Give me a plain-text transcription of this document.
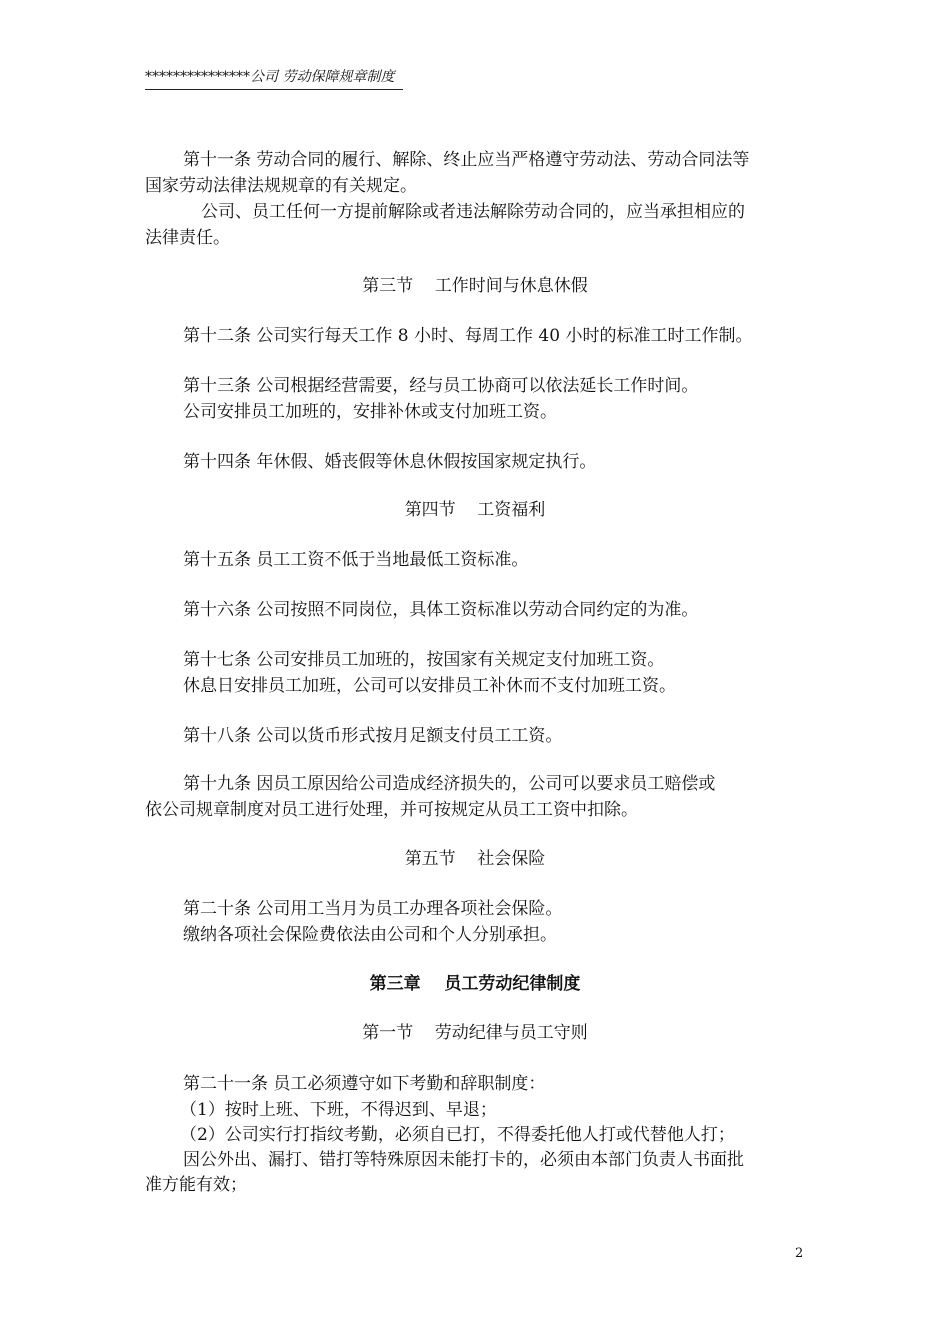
***************公司 劳动保障规章制度
第十一条 劳动合同的履行、解除、终止应当严格遵守劳动法、劳动合同法等
国家劳动法律法规规章的有关规定。
公司、员工任何一方提前解除或者违法解除劳动合同的，应当承担相应的
法律责任。
第三节    工作时间与休息休假
第十二条 公司实行每天工作 8 小时、每周工作 40 小时的标准工时工作制。
第十三条 公司根据经营需要，经与员工协商可以依法延长工作时间。
公司安排员工加班的，安排补休或支付加班工资。
第十四条 年休假、婚丧假等休息休假按国家规定执行。
第四节    工资福利
第十五条 员工工资不低于当地最低工资标准。
第十六条 公司按照不同岗位，具体工资标准以劳动合同约定的为准。
第十七条 公司安排员工加班的，按国家有关规定支付加班工资。
休息日安排员工加班，公司可以安排员工补休而不支付加班工资。
第十八条 公司以货币形式按月足额支付员工工资。
第十九条 因员工原因给公司造成经济损失的，公司可以要求员工赔偿或
依公司规章制度对员工进行处理，并可按规定从员工工资中扣除。
第五节    社会保险
第二十条 公司用工当月为员工办理各项社会保险。
缴纳各项社会保险费依法由公司和个人分别承担。
第三章    员工劳动纪律制度
第一节    劳动纪律与员工守则
第二十一条 员工必须遵守如下考勤和辞职制度：
（1）按时上班、下班，不得迟到、早退；
（2）公司实行打指纹考勤，必须自已打，不得委托他人打或代替他人打；
因公外出、漏打、错打等特殊原因未能打卡的，必须由本部门负责人书面批
准方能有效；
2
